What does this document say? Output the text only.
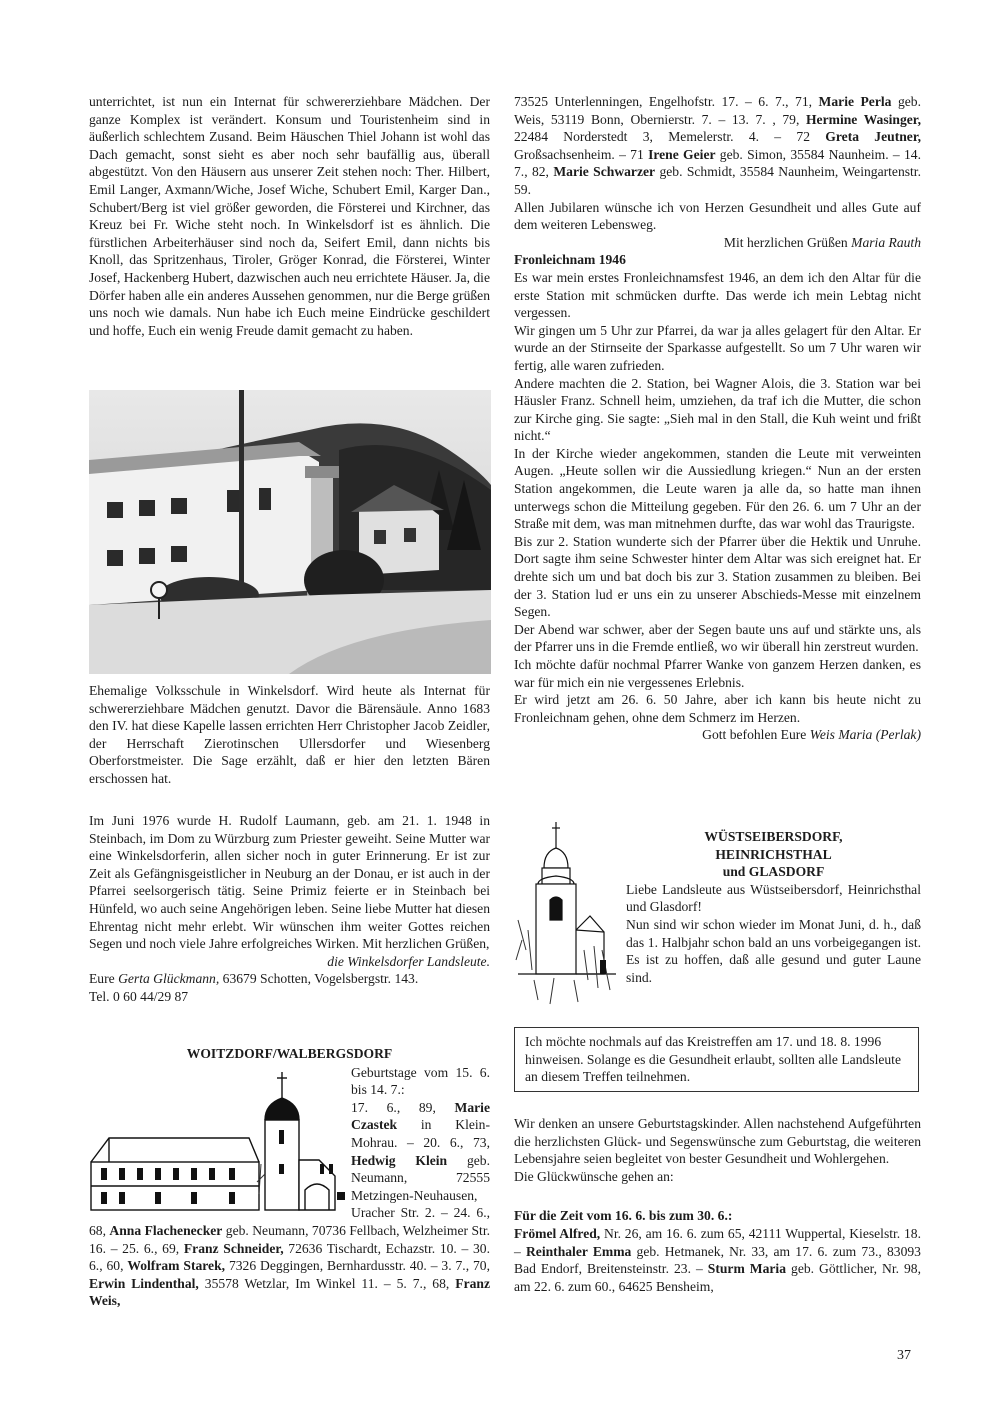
unterrichtet, ist nun ein Internat für schwererziehbare Mädchen. Der ganze Komplex ist verändert. Konsum und Touristenheim sind in äußerlich schlechtem Zusand. Beim Häuschen Thiel Johann ist wohl das Dach gemacht, sonst sieht es aber noch sehr baufällig aus, überall abgestützt. Von den Häusern aus unserer Zeit stehen noch: Ther. Hilbert, Emil Langer, Axmann/Wiche, Josef Wiche, Schubert Emil, Karger Dan., Schubert/Berg ist viel größer geworden, die Försterei und Kirchner, das Kreuz bei Fr. Wiche steht noch. In Winkelsdorf ist es ähnlich. Die fürstlichen Arbeiterhäuser sind noch da, Seifert Emil, dann nichts bis Knoll, das Spritzenhaus, Tiroler, Gröger Konrad, die Försterei, Winter Josef, Hackenberg Hubert, dazwischen auch neu errichtete Häuser. Ja, die Dörfer haben alle ein anderes Aussehen genommen, nur die Berge grüßen uns noch wie damals. Nun habe ich Euch meine Eindrücke geschildert und hoffe, Euch ein wenig Freude damit gemacht zu haben.

Ehemalige Volksschule in Winkelsdorf. Wird heute als Internat für schwererziehbare Mädchen genutzt. Davor die Bärensäule. Anno 1683 den IV. hat diese Kapelle lassen errichten Herr Christopher Jacob Zeidler, der Herrschaft Zierotinschen Ullersdorfer und Wiesenberg Oberforstmeister. Die Sage erzählt, daß er hier den letzten Bären erschossen hat.

Im Juni 1976 wurde H. Rudolf Laumann, geb. am 21. 1. 1948 in Steinbach, im Dom zu Würzburg zum Priester geweiht. Seine Mutter war eine Winkelsdorferin, allen sicher noch in guter Erinnerung. Er ist zur Zeit als Gefängnisgeistlicher in Neuburg an der Donau, er ist auch in der Pfarrei seelsorgerisch tätig. Seine Primiz feierte er in Steinbach bei Hünfeld, wo auch seine Angehörigen leben. Seine liebe Mutter hat diesen Ehrentag nicht mehr erlebt. Wir wünschen ihm weiter Gottes reichen Segen und noch viele Jahre erfolgreiches Wirken. Mit herzlichen Grüßen,

die Winkelsdorfer Landsleute.

Eure Gerta Glückmann, 63679 Schotten, Vogelsbergstr. 143.

Tel. 0 60 44/29 87

WOITZDORF/WALBERGSDORF

Geburtstage vom 15. 6. bis 14. 7.:

17. 6., 89, Marie Czastek in Klein-Mohrau. – 20. 6., 73, Hedwig Klein geb. Neumann, 72555 Metzingen-Neuhausen, Uracher Str. 2. – 24. 6., 68, Anna Flachenecker geb. Neumann, 70736 Fellbach, Welzheimer Str. 16. – 25. 6., 69, Franz Schneider, 72636 Tischardt, Echazstr. 10. – 30. 6., 60, Wolfram Starek, 7326 Deggingen, Bernhardusstr. 40. – 3. 7., 70, Erwin Lindenthal, 35578 Wetzlar, Im Winkel 11. – 5. 7., 68, Franz Weis,

73525 Unterlenningen, Engelhofstr. 17. – 6. 7., 71, Marie Perla geb. Weis, 53119 Bonn, Obernierstr. 7. – 13. 7. , 79, Hermine Wasinger, 22484 Norderstedt 3, Memelerstr. 4. – 72 Greta Jeutner, Großsachsenheim. – 71 Irene Geier geb. Simon, 35584 Naunheim. – 14. 7., 82, Marie Schwarzer geb. Schmidt, 35584 Naunheim, Weingartenstr. 59.

Allen Jubilaren wünsche ich von Herzen Gesundheit und alles Gute auf dem weiteren Lebensweg.

Mit herzlichen Grüßen Maria Rauth

Fronleichnam 1946

Es war mein erstes Fronleichnamsfest 1946, an dem ich den Altar für die erste Station mit schmücken durfte. Das werde ich mein Lebtag nicht vergessen.

Wir gingen um 5 Uhr zur Pfarrei, da war ja alles gelagert für den Altar. Er wurde an der Stirnseite der Sparkasse aufgestellt. So um 7 Uhr waren wir fertig, alle waren zufrieden.

Andere machten die 2. Station, bei Wagner Alois, die 3. Station war bei Häusler Franz. Schnell heim, umziehen, da traf ich die Mutter, die schon zur Kirche ging. Sie sagte: „Sieh mal in den Stall, die Kuh weint und frißt nicht.“

In der Kirche wieder angekommen, standen die Leute mit verweinten Augen. „Heute sollen wir die Aussiedlung kriegen.“ Nun an der ersten Station angekommen, die Leute waren ja alle da, so hatte man ihnen unterwegs schon die Mitteilung gegeben. Für den 26. 6. um 7 Uhr an der Straße mit dem, was man mitnehmen durfte, das war wohl das Traurigste.

Bis zur 2. Station wunderte sich der Pfarrer über die Hektik und Unruhe. Dort sagte ihm seine Schwester hinter dem Altar was sich ereignet hat. Er drehte sich um und bat doch bis zur 3. Station zusammen zu bleiben. Bei der 3. Station lud er uns ein zu unserer Abschieds-Messe mit einzelnem Segen.

Der Abend war schwer, aber der Segen baute uns auf und stärkte uns, als der Pfarrer uns in die Fremde entließ, wo wir überall hin zerstreut wurden.

Ich möchte dafür nochmal Pfarrer Wanke von ganzem Herzen danken, es war für mich ein nie vergessenes Erlebnis.

Er wird jetzt am 26. 6. 50 Jahre, aber ich kann bis heute nicht zu Fronleichnam gehen, ohne dem Schmerz im Herzen.

Gott befohlen Eure Weis Maria (Perlak)

WÜSTSEIBERSDORF,

HEINRICHSTHAL

und GLASDORF

Liebe Landsleute aus Wüstseibersdorf, Heinrichsthal und Glasdorf!

Nun sind wir schon wieder im Monat Juni, d. h., daß das 1. Halbjahr schon bald an uns vorbeigegangen ist. Es ist zu hoffen, daß alle gesund und guter Laune sind.

Ich möchte nochmals auf das Kreistreffen am 17. und 18. 8. 1996 hinweisen. Solange es die Gesundheit erlaubt, sollten alle Landsleute an diesem Treffen teilnehmen.

Wir denken an unsere Geburtstagskinder. Allen nachstehend Aufgeführten die herzlichsten Glück- und Segenswünsche zum Geburtstag, die weiteren Lebensjahre seien begleitet von bester Gesundheit und Wohlergehen.

Die Glückwünsche gehen an:

Für die Zeit vom 16. 6. bis zum 30. 6.:

Frömel Alfred, Nr. 26, am 16. 6. zum 65, 42111 Wuppertal, Kieselstr. 18. – Reinthaler Emma geb. Hetmanek, Nr. 33, am 17. 6. zum 73., 83093 Bad Endorf, Breitensteinstr. 23. – Sturm Maria geb. Göttlicher, Nr. 98, am 22. 6. zum 60., 64625 Bensheim,

37
